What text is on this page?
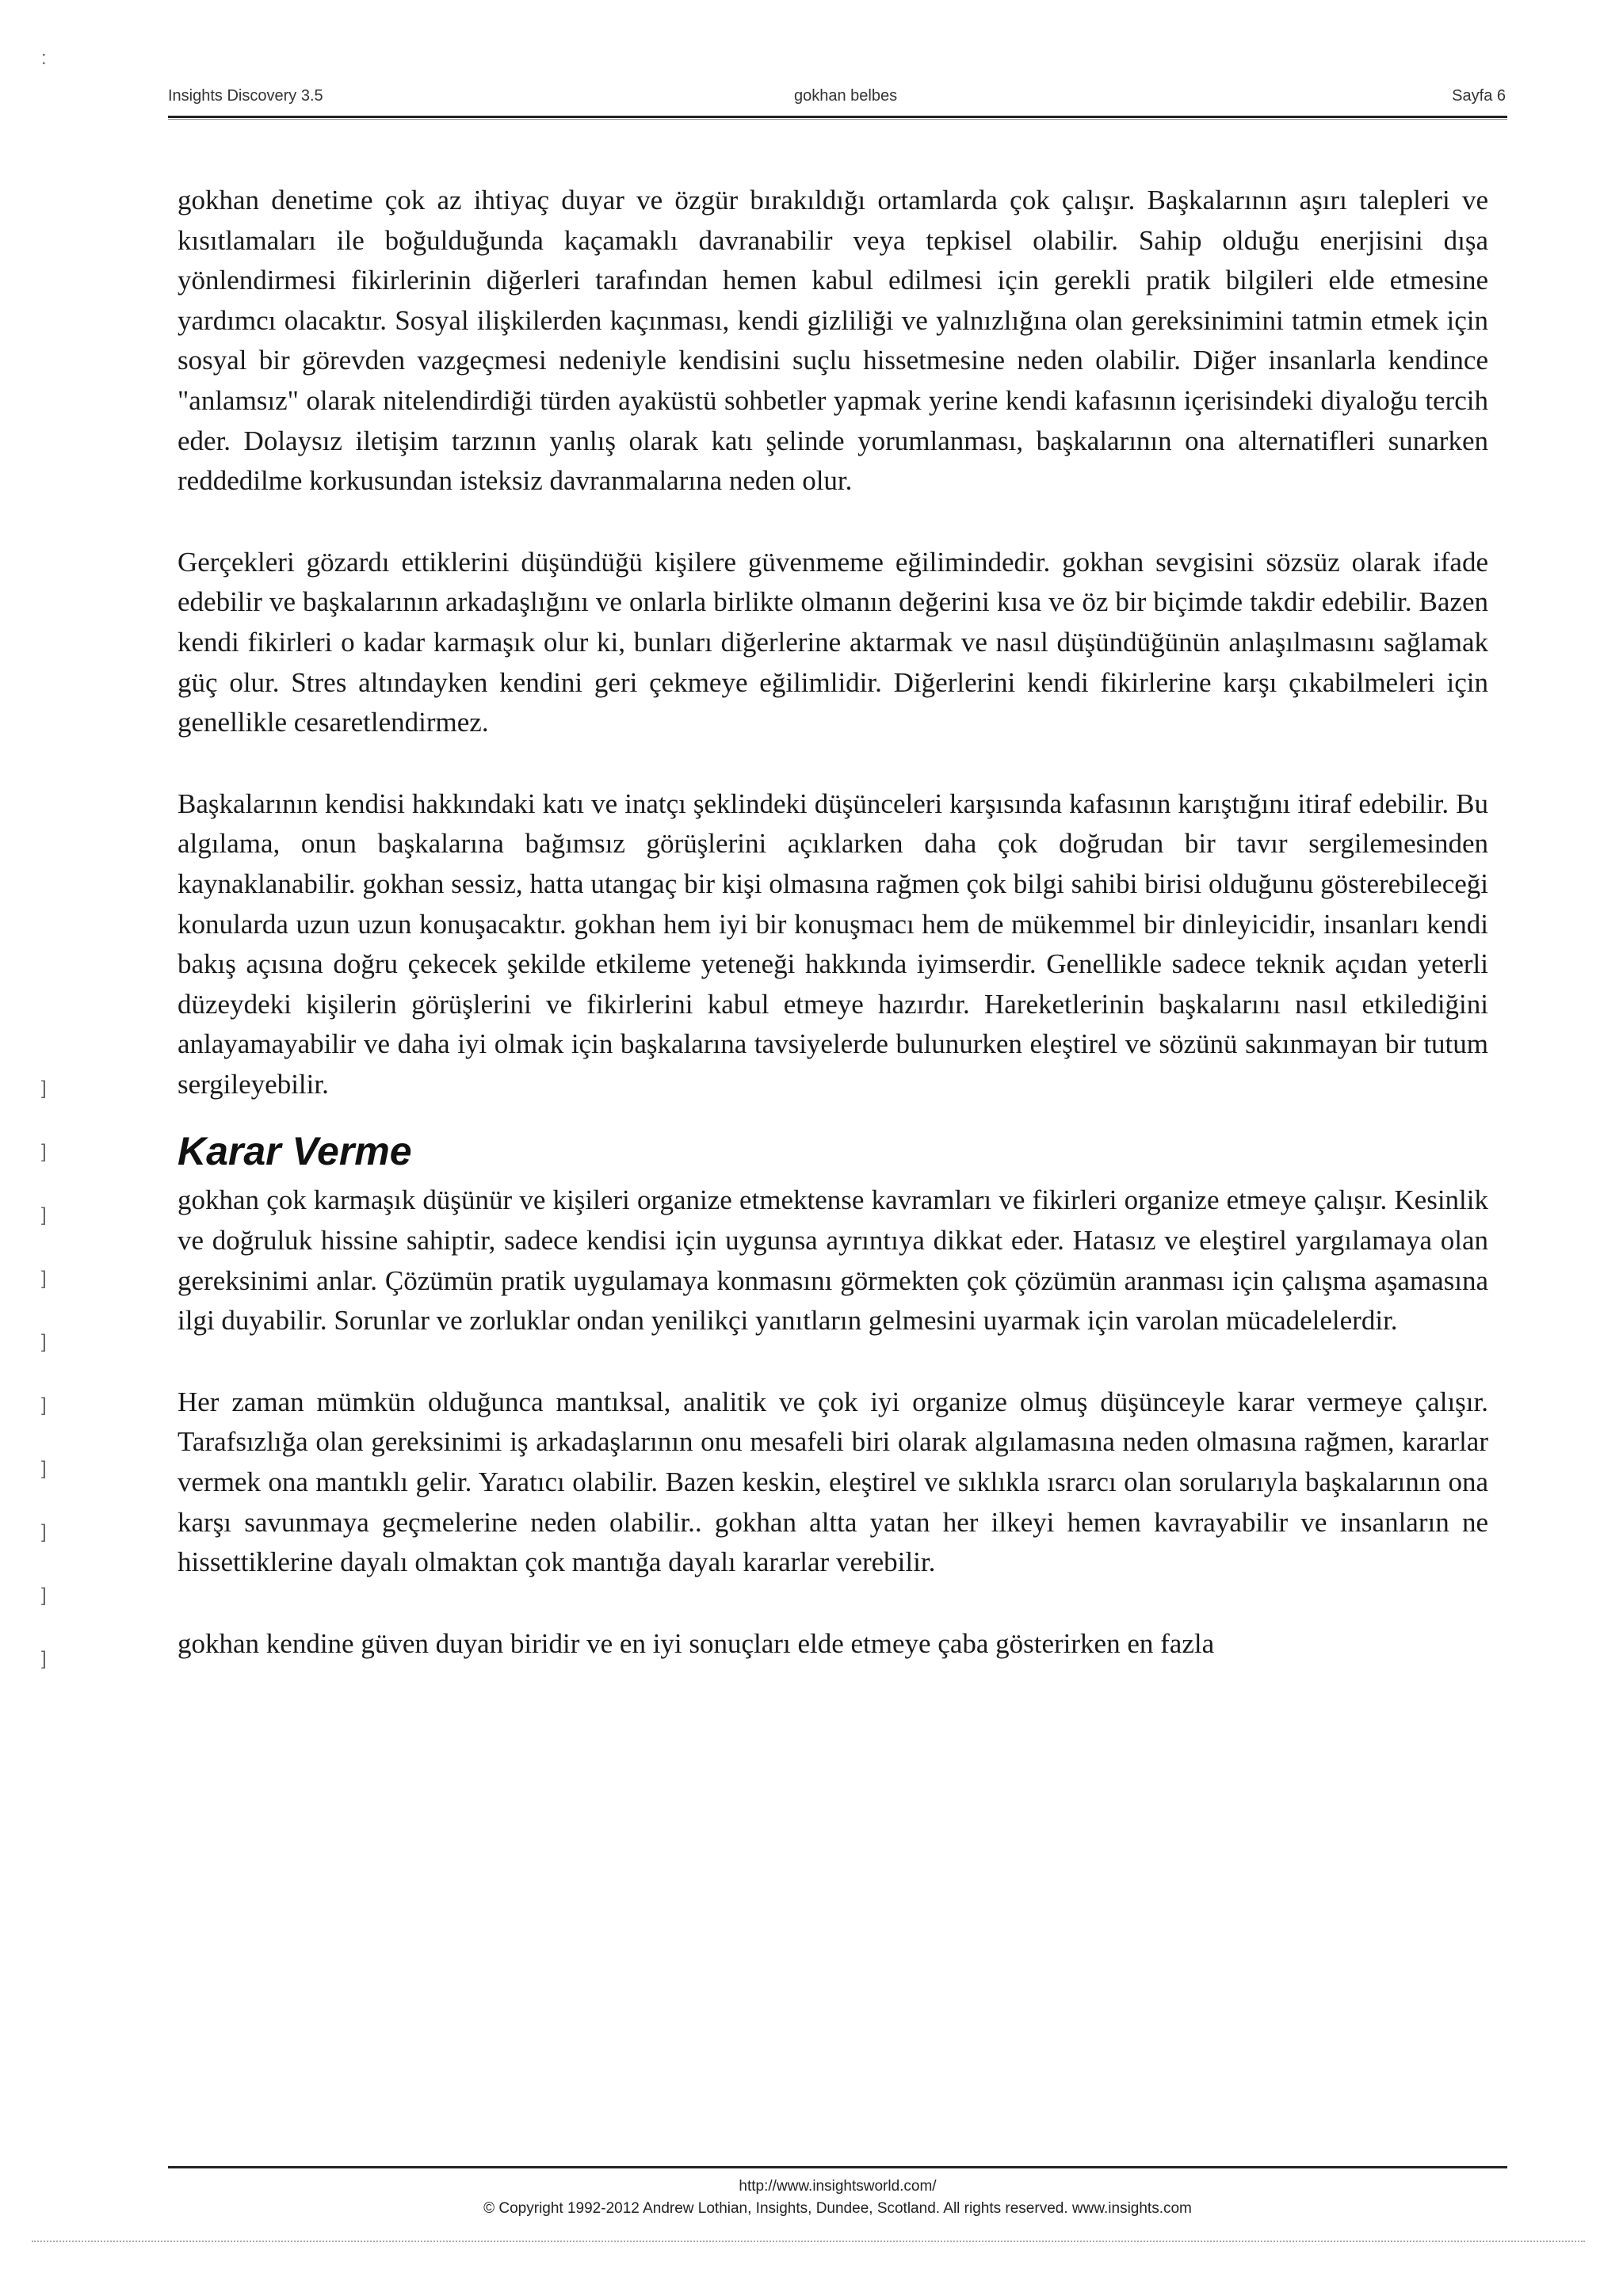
:
]
]
]
]
]
]
]
]
]
]
Insights Discovery 3.5	gokhan belbes	Sayfa 6

gokhan denetime çok az ihtiyaç duyar ve özgür bırakıldığı ortamlarda çok çalışır. Başkalarının aşırı talepleri ve kısıtlamaları ile boğulduğunda kaçamaklı davranabilir veya tepkisel olabilir. Sahip olduğu enerjisini dışa yönlendirmesi fikirlerinin diğerleri tarafından hemen kabul edilmesi için gerekli pratik bilgileri elde etmesine yardımcı olacaktır. Sosyal ilişkilerden kaçınması, kendi gizliliği ve yalnızlığına olan gereksinimini tatmin etmek için sosyal bir görevden vazgeçmesi nedeniyle kendisini suçlu hissetmesine neden olabilir. Diğer insanlarla kendince "anlamsız" olarak nitelendirdiği türden ayaküstü sohbetler yapmak yerine kendi kafasının içerisindeki diyaloğu tercih eder. Dolaysız iletişim tarzının yanlış olarak katı şelinde yorumlanması, başkalarının ona alternatifleri sunarken reddedilme korkusundan isteksiz davranmalarına neden olur.

Gerçekleri gözardı ettiklerini düşündüğü kişilere güvenmeme eğilimindedir. gokhan sevgisini sözsüz olarak ifade edebilir ve başkalarının arkadaşlığını ve onlarla birlikte olmanın değerini kısa ve öz bir biçimde takdir edebilir. Bazen kendi fikirleri o kadar karmaşık olur ki, bunları diğerlerine aktarmak ve nasıl düşündüğünün anlaşılmasını sağlamak güç olur. Stres altındayken kendini geri çekmeye eğilimlidir. Diğerlerini kendi fikirlerine karşı çıkabilmeleri için genellikle cesaretlendirmez.

Başkalarının kendisi hakkındaki katı ve inatçı şeklindeki düşünceleri karşısında kafasının karıştığını itiraf edebilir. Bu algılama, onun başkalarına bağımsız görüşlerini açıklarken daha çok doğrudan bir tavır sergilemesinden kaynaklanabilir. gokhan sessiz, hatta utangaç bir kişi olmasına rağmen çok bilgi sahibi birisi olduğunu gösterebileceği konularda uzun uzun konuşacaktır. gokhan hem iyi bir konuşmacı hem de mükemmel bir dinleyicidir, insanları kendi bakış açısına doğru çekecek şekilde etkileme yeteneği hakkında iyimserdir. Genellikle sadece teknik açıdan yeterli düzeydeki kişilerin görüşlerini ve fikirlerini kabul etmeye hazırdır. Hareketlerinin başkalarını nasıl etkilediğini anlayamayabilir ve daha iyi olmak için başkalarına tavsiyelerde bulunurken eleştirel ve sözünü sakınmayan bir tutum sergileyebilir.

Karar Verme

gokhan çok karmaşık düşünür ve kişileri organize etmektense kavramları ve fikirleri organize etmeye çalışır. Kesinlik ve doğruluk hissine sahiptir, sadece kendisi için uygunsa ayrıntıya dikkat eder. Hatasız ve eleştirel yargılamaya olan gereksinimi anlar. Çözümün pratik uygulamaya konmasını görmekten çok çözümün aranması için çalışma aşamasına ilgi duyabilir. Sorunlar ve zorluklar ondan yenilikçi yanıtların gelmesini uyarmak için varolan mücadelelerdir.

Her zaman mümkün olduğunca mantıksal, analitik ve çok iyi organize olmuş düşünceyle karar vermeye çalışır. Tarafsızlığa olan gereksinimi iş arkadaşlarının onu mesafeli biri olarak algılamasına neden olmasına rağmen, kararlar vermek ona mantıklı gelir. Yaratıcı olabilir. Bazen keskin, eleştirel ve sıklıkla ısrarcı olan sorularıyla başkalarının ona karşı savunmaya geçmelerine neden olabilir.. gokhan altta yatan her ilkeyi hemen kavrayabilir ve insanların ne hissettiklerine dayalı olmaktan çok mantığa dayalı kararlar verebilir.

gokhan kendine güven duyan biridir ve en iyi sonuçları elde etmeye çaba gösterirken en fazla

http://www.insightsworld.com/
© Copyright 1992-2012 Andrew Lothian, Insights, Dundee, Scotland. All rights reserved. www.insights.com
